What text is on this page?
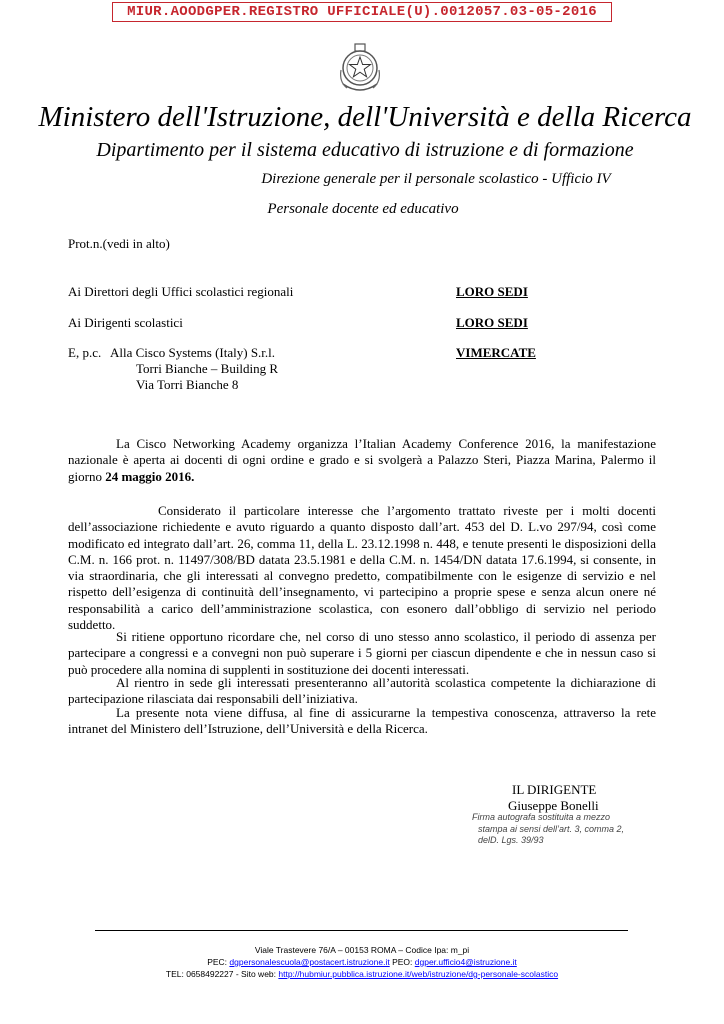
MIUR.AOODGPER.REGISTRO UFFICIALE(U).0012057.03-05-2016
Ministero dell'Istruzione, dell'Università e della Ricerca
Dipartimento per il sistema educativo di istruzione e di formazione
Direzione generale per il personale scolastico - Ufficio IV
Personale docente ed educativo
Prot.n.(vedi in alto)
Ai Direttori degli Uffici scolastici regionali	LORO SEDI
Ai Dirigenti scolastici	LORO SEDI
E, p.c. Alla Cisco Systems (Italy) S.r.l.
Torri Bianche – Building R
Via Torri Bianche 8
VIMERCATE
La Cisco Networking Academy organizza l’Italian Academy Conference 2016, la manifestazione nazionale è aperta ai docenti di ogni ordine e grado e si svolgerà a Palazzo Steri, Piazza Marina, Palermo il giorno 24 maggio 2016.
Considerato il particolare interesse che l’argomento trattato riveste per i molti docenti dell’associazione richiedente e avuto riguardo a quanto disposto dall’art. 453 del D. L.vo 297/94, così come modificato ed integrato dall’art. 26, comma 11, della L. 23.12.1998 n. 448, e tenute presenti le disposizioni della C.M. n. 166 prot. n. 11497/308/BD datata 23.5.1981 e della C.M. n. 1454/DN datata 17.6.1994, si consente, in via straordinaria, che gli interessati al convegno predetto, compatibilmente con le esigenze di servizio e nel rispetto dell’esigenza di continuità dell’insegnamento, vi partecipino a proprie spese e senza alcun onere né responsabilità a carico dell’amministrazione scolastica, con esonero dall’obbligo di servizio nel periodo suddetto.
Si ritiene opportuno ricordare che, nel corso di uno stesso anno scolastico, il periodo di assenza per partecipare a congressi e a convegni non può superare i 5 giorni per ciascun dipendente e che in nessun caso si può procedere alla nomina di supplenti in sostituzione dei docenti interessati.
Al rientro in sede gli interessati presenteranno all’autorità scolastica competente la dichiarazione di partecipazione rilasciata dai responsabili dell’iniziativa.
La presente nota viene diffusa, al fine di assicurarne la tempestiva conoscenza, attraverso la rete intranet del Ministero dell’Istruzione, dell’Università e della Ricerca.
IL DIRIGENTE
Giuseppe Bonelli
Firma autografa sostituita a mezzo
stampa ai sensi dell’art. 3, comma 2,
delD. Lgs. 39/93
Viale Trastevere 76/A – 00153 ROMA – Codice Ipa: m_pi
PEC: dgpersonalescuola@postacert.istruzione.it PEO: dgper.ufficio4@istruzione.it
TEL: 0658492227 - Sito web: http://hubmiur.pubblica.istruzione.it/web/istruzione/dg-personale-scolastico
